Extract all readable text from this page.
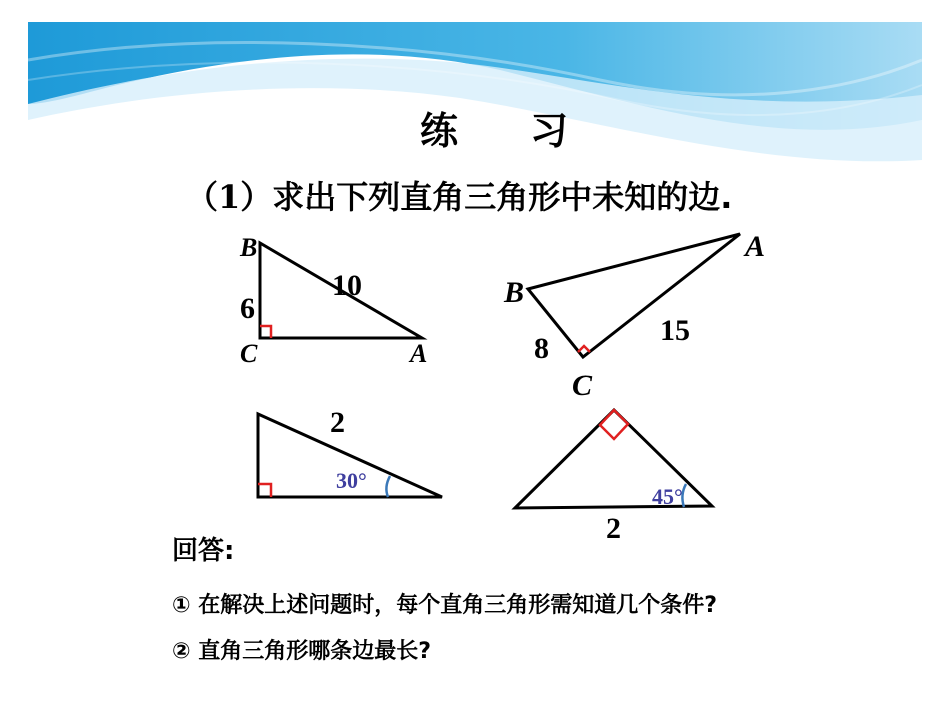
练 习
（1）求出下列直角三角形中未知的边.
B
C	A
6
10
A
B
C
8
15
2
30°
2
45°
回答:
① 在解决上述问题时，每个直角三角形需知道几个条件?
② 直角三角形哪条边最长?
